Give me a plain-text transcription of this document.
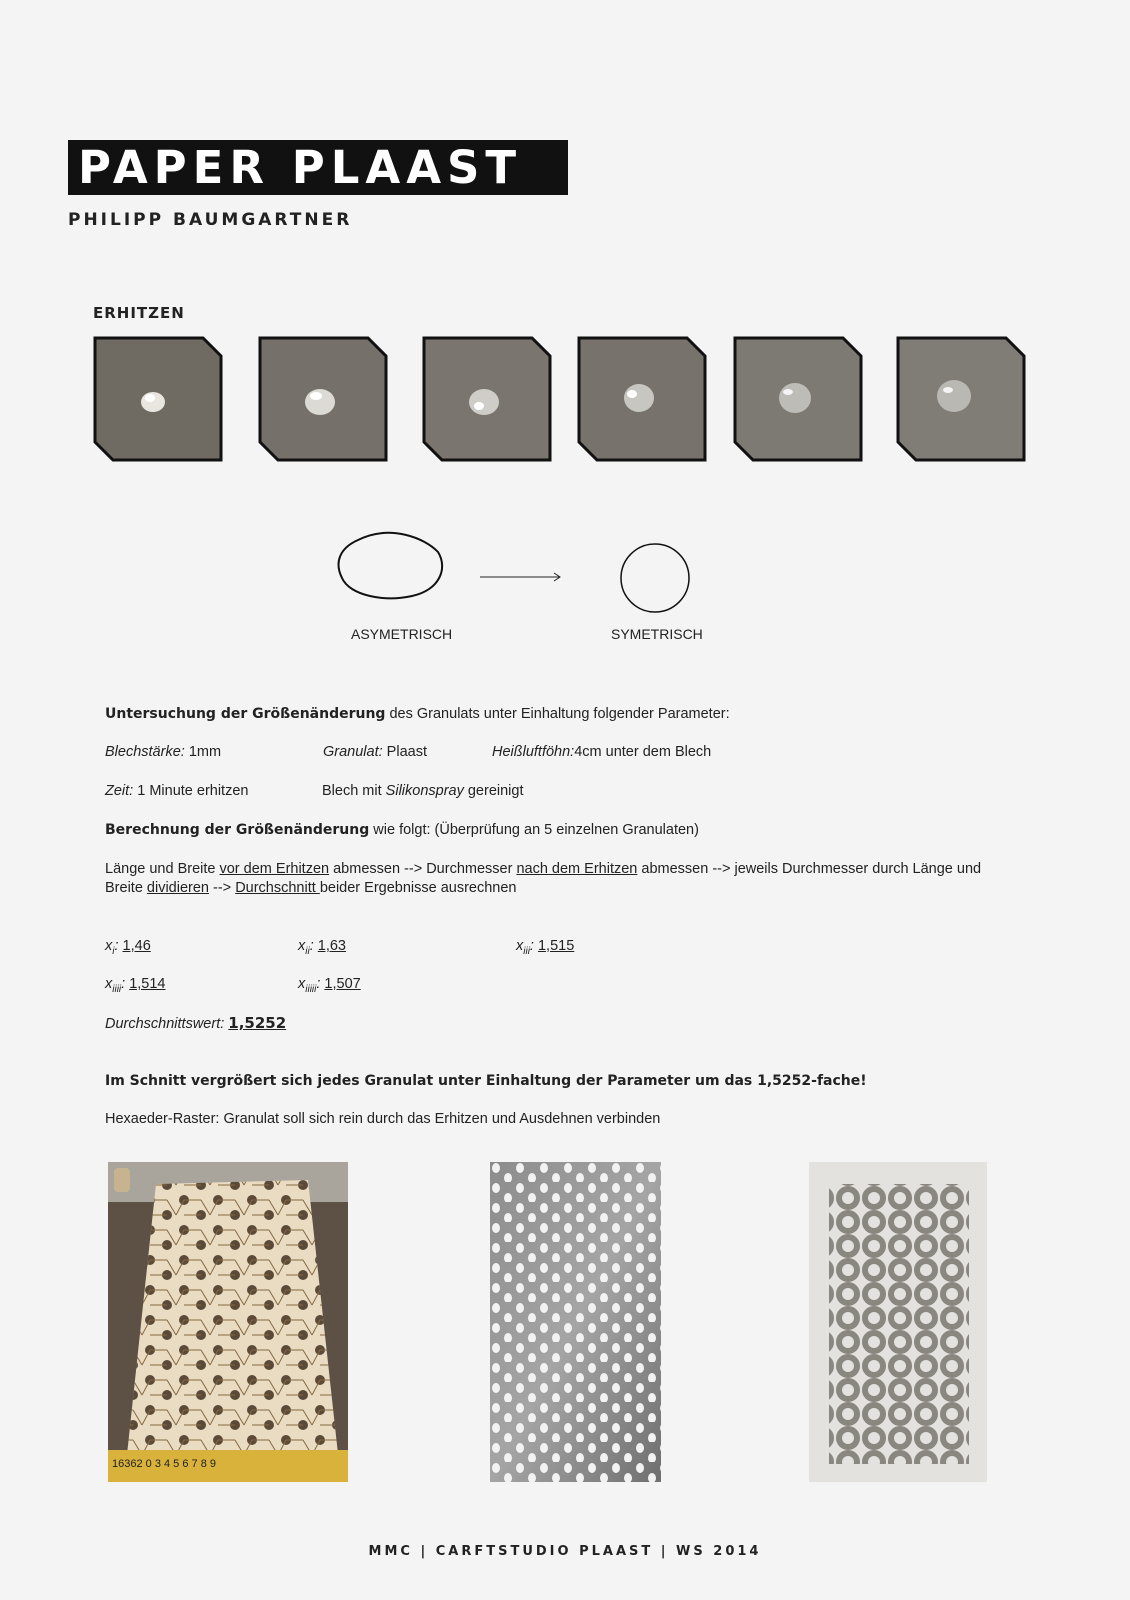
PAPER PLAAST
PHILIPP BAUMGARTNER
ERHITZEN
ASYMETRISCH	SYMETRISCH
Untersuchung der Größenänderung des Granulats unter Einhaltung folgender Parameter:
Blechstärke: 1mm	Granulat: Plaast	Heißluftföhn:4cm unter dem Blech
Zeit: 1 Minute erhitzen	Blech mit Silikonspray gereinigt
Berechnung der Größenänderung wie folgt: (Überprüfung an 5 einzelnen Granulaten)
Länge und Breite vor dem Erhitzen abmessen --> Durchmesser nach dem Erhitzen abmessen --> jeweils Durchmesser durch Länge und
Breite dividieren --> Durchschnitt beider Ergebnisse ausrechnen
$x_i$: 1,46	$x_{ii}$: 1,63	$x_{iii}$: 1,515
$x_{iiii}$: 1,514	$x_{iiiii}$: 1,507
Durchschnittswert: 1,5252
Im Schnitt vergrößert sich jedes Granulat unter Einhaltung der Parameter um das 1,5252-fache!
Hexaeder-Raster: Granulat soll sich rein durch das Erhitzen und Ausdehnen verbinden
16362 0 3 4 5 6 7 8 9
MMC | CARFTSTUDIO PLAAST | WS 2014
